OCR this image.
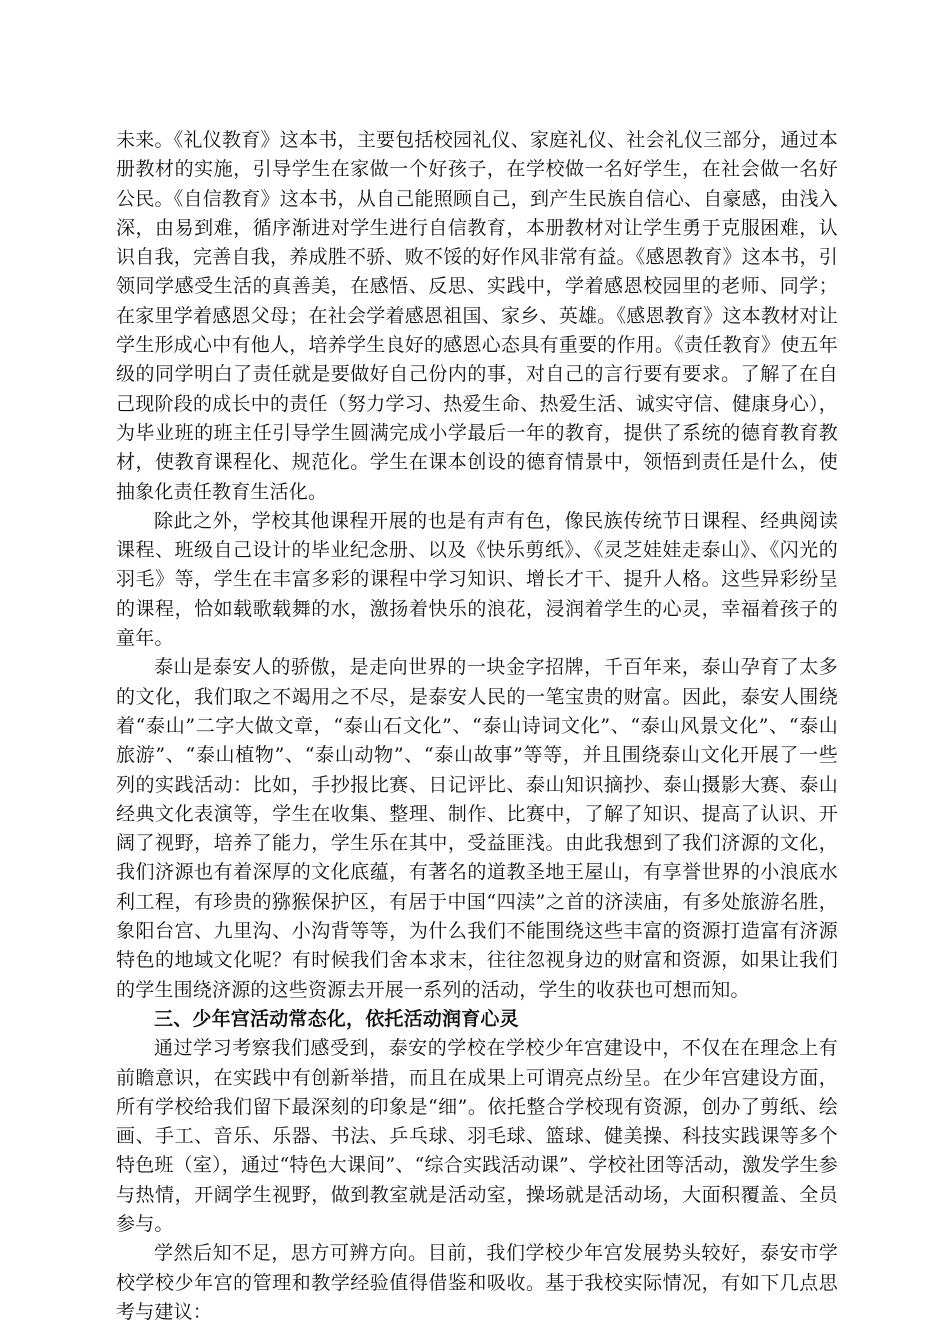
未来。《礼仪教育》这本书，主要包括校园礼仪、家庭礼仪、社会礼仪三部分，通过本册教材的实施，引导学生在家做一个好孩子，在学校做一名好学生，在社会做一名好公民。《自信教育》这本书，从自己能照顾自己，到产生民族自信心、自豪感，由浅入深，由易到难，循序渐进对学生进行自信教育，本册教材对让学生勇于克服困难，认识自我，完善自我，养成胜不骄、败不馁的好作风非常有益。《感恩教育》这本书，引领同学感受生活的真善美，在感悟、反思、实践中，学着感恩校园里的老师、同学；在家里学着感恩父母；在社会学着感恩祖国、家乡、英雄。《感恩教育》这本教材对让学生形成心中有他人，培养学生良好的感恩心态具有重要的作用。《责任教育》使五年级的同学明白了责任就是要做好自己份内的事，对自己的言行要有要求。了解了在自己现阶段的成长中的责任（努力学习、热爱生命、热爱生活、诚实守信、健康身心），为毕业班的班主任引导学生圆满完成小学最后一年的教育，提供了系统的德育教育教材，使教育课程化、规范化。学生在课本创设的德育情景中，领悟到责任是什么，使抽象化责任教育生活化。

除此之外，学校其他课程开展的也是有声有色，像民族传统节日课程、经典阅读课程、班级自己设计的毕业纪念册、以及《快乐剪纸》、《灵芝娃娃走泰山》、《闪光的羽毛》等，学生在丰富多彩的课程中学习知识、增长才干、提升人格。这些异彩纷呈的课程，恰如载歌载舞的水，激扬着快乐的浪花，浸润着学生的心灵，幸福着孩子的童年。

泰山是泰安人的骄傲，是走向世界的一块金字招牌，千百年来，泰山孕育了太多的文化，我们取之不竭用之不尽，是泰安人民的一笔宝贵的财富。因此，泰安人围绕着“泰山”二字大做文章，“泰山石文化”、“泰山诗词文化”、“泰山风景文化”、“泰山旅游”、“泰山植物”、“泰山动物”、“泰山故事”等等，并且围绕泰山文化开展了一些列的实践活动：比如，手抄报比赛、日记评比、泰山知识摘抄、泰山摄影大赛、泰山经典文化表演等，学生在收集、整理、制作、比赛中，了解了知识、提高了认识、开阔了视野，培养了能力，学生乐在其中，受益匪浅。由此我想到了我们济源的文化，我们济源也有着深厚的文化底蕴，有著名的道教圣地王屋山，有享誉世界的小浪底水利工程，有珍贵的猕猴保护区，有居于中国“四渎”之首的济渎庙，有多处旅游名胜，象阳台宫、九里沟、小沟背等等，为什么我们不能围绕这些丰富的资源打造富有济源特色的地域文化呢？有时候我们舍本求末，往往忽视身边的财富和资源，如果让我们的学生围绕济源的这些资源去开展一系列的活动，学生的收获也可想而知。

三、少年宫活动常态化，依托活动润育心灵

通过学习考察我们感受到，泰安的学校在学校少年宫建设中，不仅在在理念上有前瞻意识，在实践中有创新举措，而且在成果上可谓亮点纷呈。在少年宫建设方面，所有学校给我们留下最深刻的印象是“细”。依托整合学校现有资源，创办了剪纸、绘画、手工、音乐、乐器、书法、乒乓球、羽毛球、篮球、健美操、科技实践课等多个特色班（室），通过“特色大课间”、“综合实践活动课”、学校社团等活动，激发学生参与热情，开阔学生视野，做到教室就是活动室，操场就是活动场，大面积覆盖、全员参与。

学然后知不足，思方可辨方向。目前，我们学校少年宫发展势头较好，泰安市学校学校少年宫的管理和教学经验值得借鉴和吸收。基于我校实际情况，有如下几点思考与建议：
